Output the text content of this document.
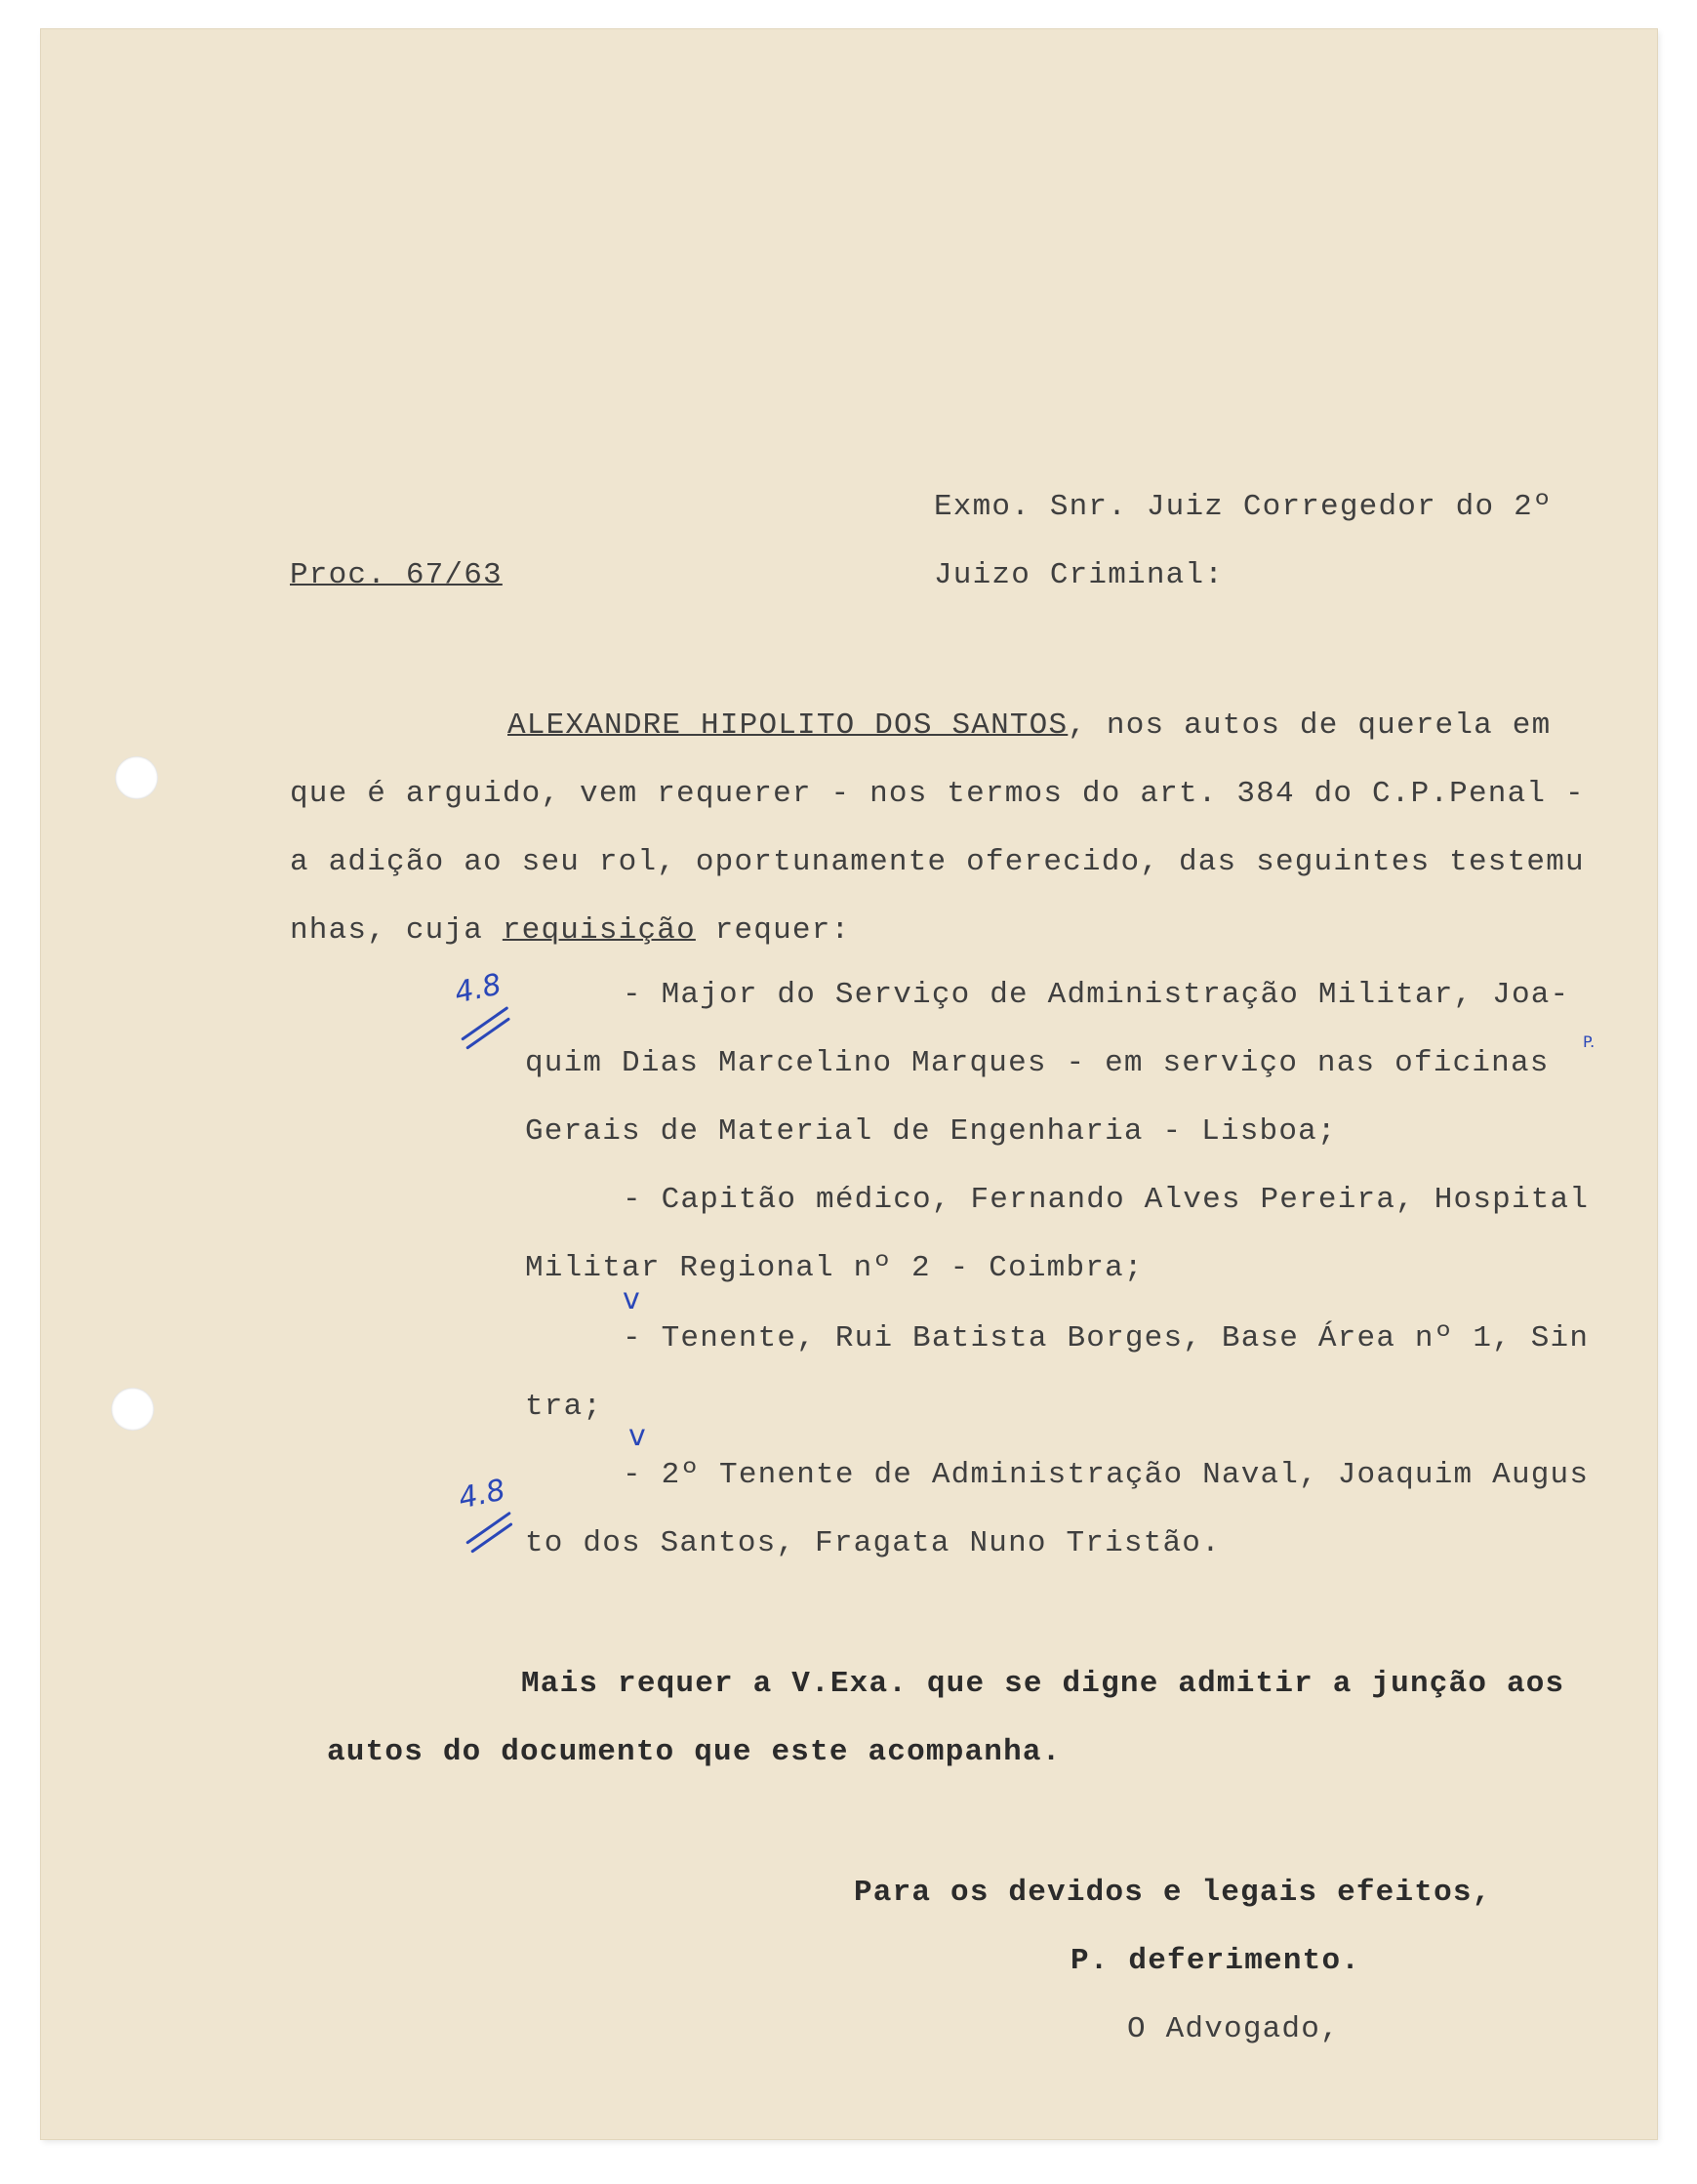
Exmo. Snr. Juiz Corregedor do 2º
Proc. 67/63	Juizo Criminal:
ALEXANDRE HIPOLITO DOS SANTOS, nos autos de querela em
que é arguido, vem requerer - nos termos do art. 384 do C.P.Penal -
a adição ao seu rol, oportunamente oferecido, das seguintes testemu
nhas, cuja requisição requer:
- Major do Serviço de Administração Militar, Joa-
quim Dias Marcelino Marques - em serviço nas oficinas
Gerais de Material de Engenharia - Lisboa;
- Capitão médico, Fernando Alves Pereira, Hospital
Militar Regional nº 2 - Coimbra;
- Tenente, Rui Batista Borges, Base Área nº 1, Sin
tra;
- 2º Tenente de Administração Naval, Joaquim Augus
to dos Santos, Fragata Nuno Tristão.
Mais requer a V.Exa. que se digne admitir a junção aos
autos do documento que este acompanha.
Para os devidos e legais efeitos,
P. deferimento.
O Advogado,
4.8
v
v
4.8
P.
